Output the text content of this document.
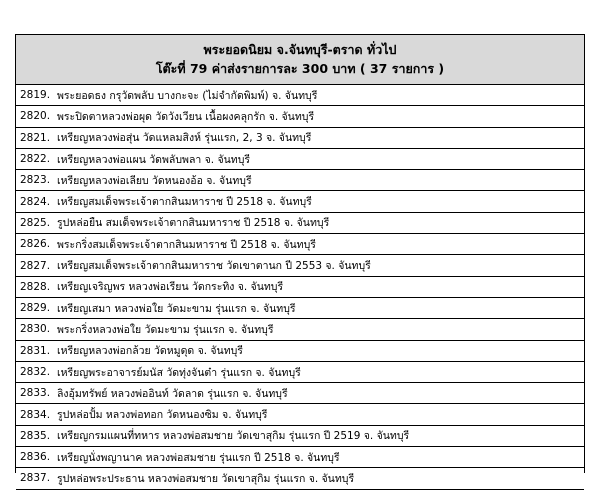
พระยอดนิยม จ.จันทบุรี-ตราด ทั่วไป
โต๊ะที่ 79 ค่าส่งรายการละ 300 บาท ( 37 รายการ )
2819. พระยอดธง กรุวัดพลับ บางกะจะ (ไม่จำกัดพิมพ์) จ. จันทบุรี
2820. พระปิดตาหลวงพ่อผุด วัดวังเวียน เนื้อผงคลุกรัก จ. จันทบุรี
2821. เหรียญหลวงพ่อสุ่น วัดแหลมสิงห์ รุ่นแรก, 2, 3 จ. จันทบุรี
2822. เหรียญหลวงพ่อแผน วัดพลับพลา จ. จันทบุรี
2823. เหรียญหลวงพ่อเลียบ วัดหนองอ้อ จ. จันทบุรี
2824. เหรียญสมเด็จพระเจ้าตากสินมหาราช ปี 2518 จ. จันทบุรี
2825. รูปหล่อยืน สมเด็จพระเจ้าตากสินมหาราช ปี 2518 จ. จันทบุรี
2826. พระกริ่งสมเด็จพระเจ้าตากสินมหาราช ปี 2518 จ. จันทบุรี
2827. เหรียญสมเด็จพระเจ้าตากสินมหาราช วัดเขาตานก ปี 2553 จ. จันทบุรี
2828. เหรียญเจริญพร หลวงพ่อเรียน วัดกระทิง จ. จันทบุรี
2829. เหรียญเสมา หลวงพ่อใย วัดมะขาม รุ่นแรก จ. จันทบุรี
2830. พระกริ่งหลวงพ่อใย วัดมะขาม รุ่นแรก จ. จันทบุรี
2831. เหรียญหลวงพ่อกล้วย วัดหมูดุด จ. จันทบุรี
2832. เหรียญพระอาจารย์มนัส วัดทุ่งจันต๋า รุ่นแรก จ. จันทบุรี
2833. ลิงอุ้มทรัพย์ หลวงพ่ออินท์ วัดลาด รุ่นแรก จ. จันทบุรี
2834. รูปหล่อปั้ม หลวงพ่อทอก วัดหนองซิม จ. จันทบุรี
2835. เหรียญกรมแผนที่ทหาร หลวงพ่อสมชาย วัดเขาสุกิม รุ่นแรก ปี 2519 จ. จันทบุรี
2836. เหรียญนั่งพญานาค หลวงพ่อสมชาย รุ่นแรก ปี 2518 จ. จันทบุรี
2837. รูปหล่อพระประธาน หลวงพ่อสมชาย วัดเขาสุกิม รุ่นแรก จ. จันทบุรี
